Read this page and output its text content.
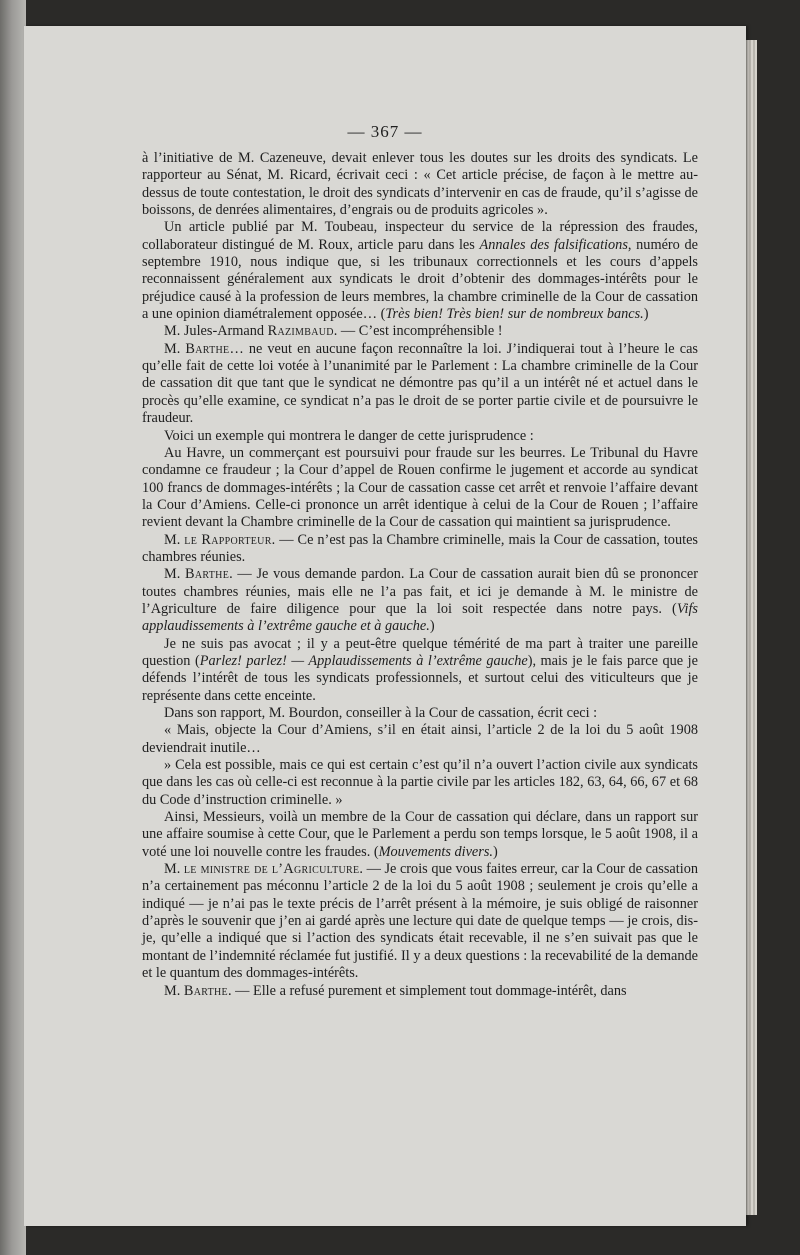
— 367 —

à l’initiative de M. Cazeneuve, devait enlever tous les doutes sur les droits des syndicats. Le rapporteur au Sénat, M. Ricard, écrivait ceci : « Cet article précise, de façon à le mettre au-dessus de toute contestation, le droit des syndicats d’intervenir en cas de fraude, qu’il s’agisse de boissons, de denrées alimentaires, d’engrais ou de produits agricoles ».

Un article publié par M. Toubeau, inspecteur du service de la répression des fraudes, collaborateur distingué de M. Roux, article paru dans les Annales des falsifications, numéro de septembre 1910, nous indique que, si les tribunaux correctionnels et les cours d’appels reconnaissent généralement aux syndicats le droit d’obtenir des dommages-intérêts pour le préjudice causé à la profession de leurs membres, la chambre criminelle de la Cour de cassation a une opinion diamétralement opposée… (Très bien! Très bien! sur de nombreux bancs.)

M. Jules-Armand Razimbaud. — C’est incompréhensible !

M. Barthe… ne veut en aucune façon reconnaître la loi. J’indiquerai tout à l’heure le cas qu’elle fait de cette loi votée à l’unanimité par le Parlement : La chambre criminelle de la Cour de cassation dit que tant que le syndicat ne démontre pas qu’il a un intérêt né et actuel dans le procès qu’elle examine, ce syndicat n’a pas le droit de se porter partie civile et de poursuivre le fraudeur.

Voici un exemple qui montrera le danger de cette jurisprudence :

Au Havre, un commerçant est poursuivi pour fraude sur les beurres. Le Tribunal du Havre condamne ce fraudeur ; la Cour d’appel de Rouen confirme le jugement et accorde au syndicat 100 francs de dommages-intérêts ; la Cour de cassation casse cet arrêt et renvoie l’affaire devant la Cour d’Amiens. Celle-ci prononce un arrêt identique à celui de la Cour de Rouen ; l’affaire revient devant la Chambre criminelle de la Cour de cassation qui maintient sa jurisprudence.

M. le Rapporteur. — Ce n’est pas la Chambre criminelle, mais la Cour de cassation, toutes chambres réunies.

M. Barthe. — Je vous demande pardon. La Cour de cassation aurait bien dû se prononcer toutes chambres réunies, mais elle ne l’a pas fait, et ici je demande à M. le ministre de l’Agriculture de faire diligence pour que la loi soit respectée dans notre pays. (Vifs applaudissements à l’extrême gauche et à gauche.)

Je ne suis pas avocat ; il y a peut-être quelque témérité de ma part à traiter une pareille question (Parlez! parlez! — Applaudissements à l’extrême gauche), mais je le fais parce que je défends l’intérêt de tous les syndicats professionnels, et surtout celui des viticulteurs que je représente dans cette enceinte.

Dans son rapport, M. Bourdon, conseiller à la Cour de cassation, écrit ceci :

« Mais, objecte la Cour d’Amiens, s’il en était ainsi, l’article 2 de la loi du 5 août 1908 deviendrait inutile…

» Cela est possible, mais ce qui est certain c’est qu’il n’a ouvert l’action civile aux syndicats que dans les cas où celle-ci est reconnue à la partie civile par les articles 182, 63, 64, 66, 67 et 68 du Code d’instruction criminelle. »

Ainsi, Messieurs, voilà un membre de la Cour de cassation qui déclare, dans un rapport sur une affaire soumise à cette Cour, que le Parlement a perdu son temps lorsque, le 5 août 1908, il a voté une loi nouvelle contre les fraudes. (Mouvements divers.)

M. le ministre de l’Agriculture. — Je crois que vous faites erreur, car la Cour de cassation n’a certainement pas méconnu l’article 2 de la loi du 5 août 1908 ; seulement je crois qu’elle a indiqué — je n’ai pas le texte précis de l’arrêt présent à la mémoire, je suis obligé de raisonner d’après le souvenir que j’en ai gardé après une lecture qui date de quelque temps — je crois, dis-je, qu’elle a indiqué que si l’action des syndicats était recevable, il ne s’en suivait pas que le montant de l’indemnité réclamée fut justifié. Il y a deux questions : la recevabilité de la demande et le quantum des dommages-intérêts.

M. Barthe. — Elle a refusé purement et simplement tout dommage-intérêt, dans
